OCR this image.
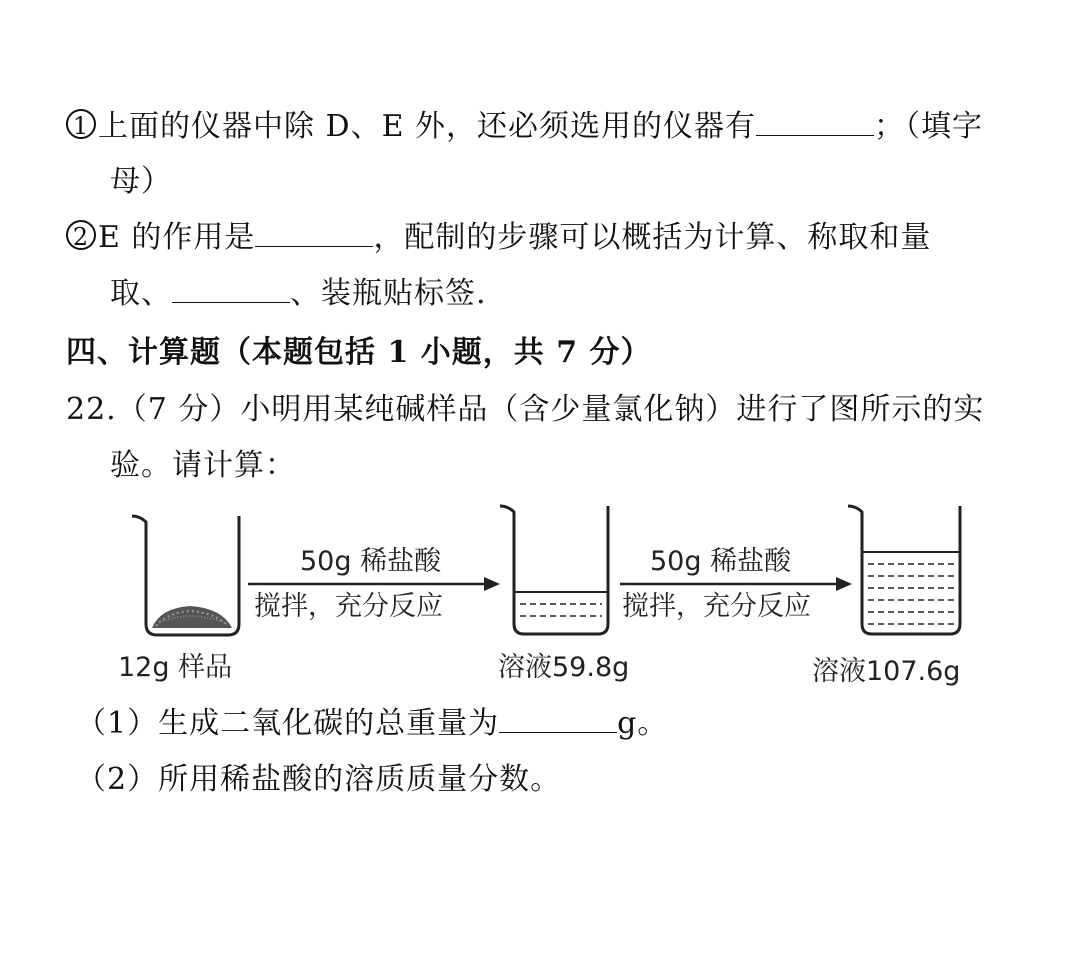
1 上面的仪器中除 D、E 外，还必须选用的仪器有	；（填字
母）
2 E 的作用是	，配制的步骤可以概括为计算、称取和量
取、	、装瓶贴标签.
四、计算题（本题包括 1 小题，共 7 分）
22.（7 分）小明用某纯碱样品（含少量氯化钠）进行了图所示的实
验。请计算：
50g 稀盐酸
搅拌，充分反应
50g 稀盐酸
搅拌，充分反应
12g 样品	溶液59.8g	溶液107.6g
（1）生成二氧化碳的总重量为	g。
（2）所用稀盐酸的溶质质量分数。
